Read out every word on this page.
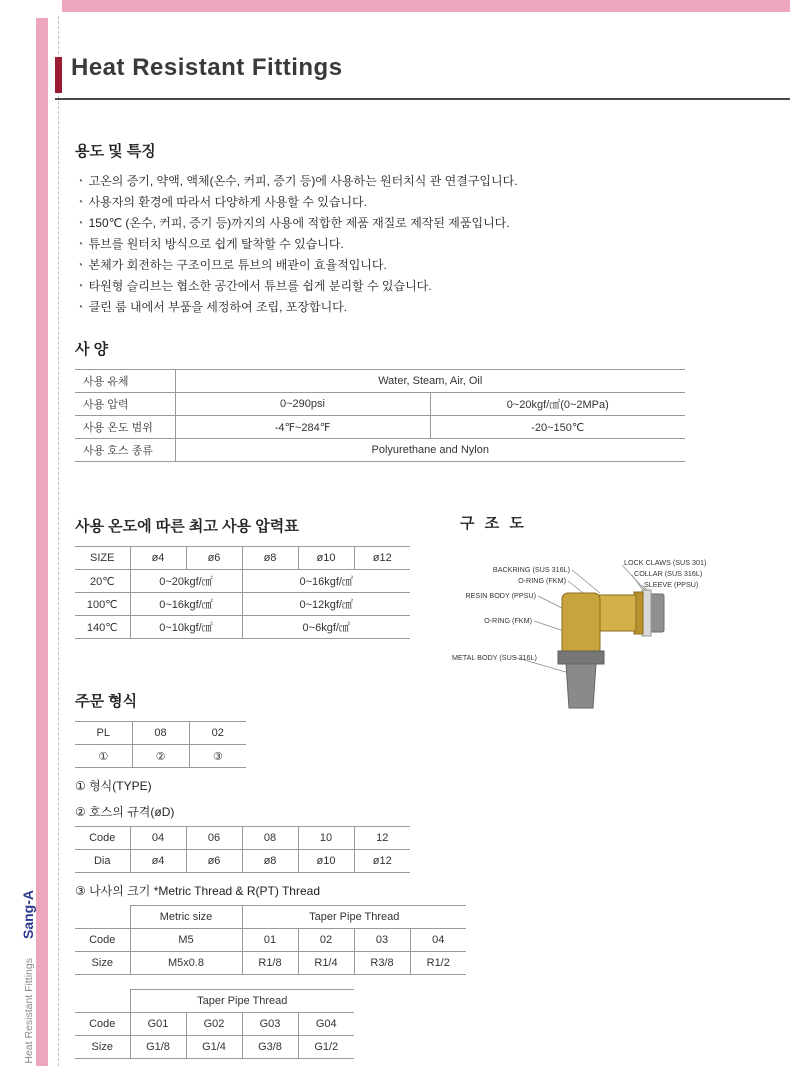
Heat Resistant Fittings
용도 및 특징
ㆍ 고온의 증기, 약액, 액체(온수, 커피, 증기 등)에 사용하는 원터치식 관 연결구입니다.
ㆍ 사용자의 환경에 따라서 다양하게 사용할 수 있습니다.
ㆍ 150℃ (온수, 커피, 증기 등)까지의 사용에 적합한 제품 재질로 제작된 제품입니다.
ㆍ 튜브를 원터치 방식으로 쉽게 탈착할 수 있습니다.
ㆍ 본체가 회전하는 구조이므로 튜브의 배관이 효율적입니다.
ㆍ 타원형 슬리브는 협소한 공간에서 튜브를 쉽게 분리할 수 있습니다.
ㆍ 클린 룸 내에서 부품을 세정하여 조립, 포장합니다.
사 양
사용 유체	Water, Steam, Air, Oil	
사용 압력	0~290psi	0~20kgf/㎠(0~2MPa)
사용 온도 범위	-4℉~284℉	-20~150℃
사용 호스 종류	Polyurethane and Nylon	
사용 온도에 따른 최고 사용 압력표
SIZE	ø4	ø6	ø8	ø10	ø12
20℃	0~20kgf/㎠		0~16kgf/㎠		
100℃	0~16kgf/㎠		0~12kgf/㎠		
140℃	0~10kgf/㎠		0~6kgf/㎠		
구 조 도
BACKRING (SUS 316L)
O-RING (FKM)
RESIN BODY (PPSU)
O-RING (FKM)
METAL BODY (SUS 316L)
LOCK CLAWS (SUS 301)
COLLAR (SUS 316L)
SLEEVE (PPSU)
주문 형식
PL	08	02
①	②	③
① 형식(TYPE)
② 호스의 규격(øD)
Code	04	06	08	10	12
Dia	ø4	ø6	ø8	ø10	ø12
③ 나사의 크기 *Metric Thread & R(PT) Thread
	Metric size	Taper Pipe Thread			
Code	M5	01	02	03	04
Size	M5x0.8	R1/8	R1/4	R3/8	R1/2
	Taper Pipe Thread			
Code	G01	G02	G03	G04
Size	G1/8	G1/4	G3/8	G1/2
Sang-A
Heat Resistant Fittings
